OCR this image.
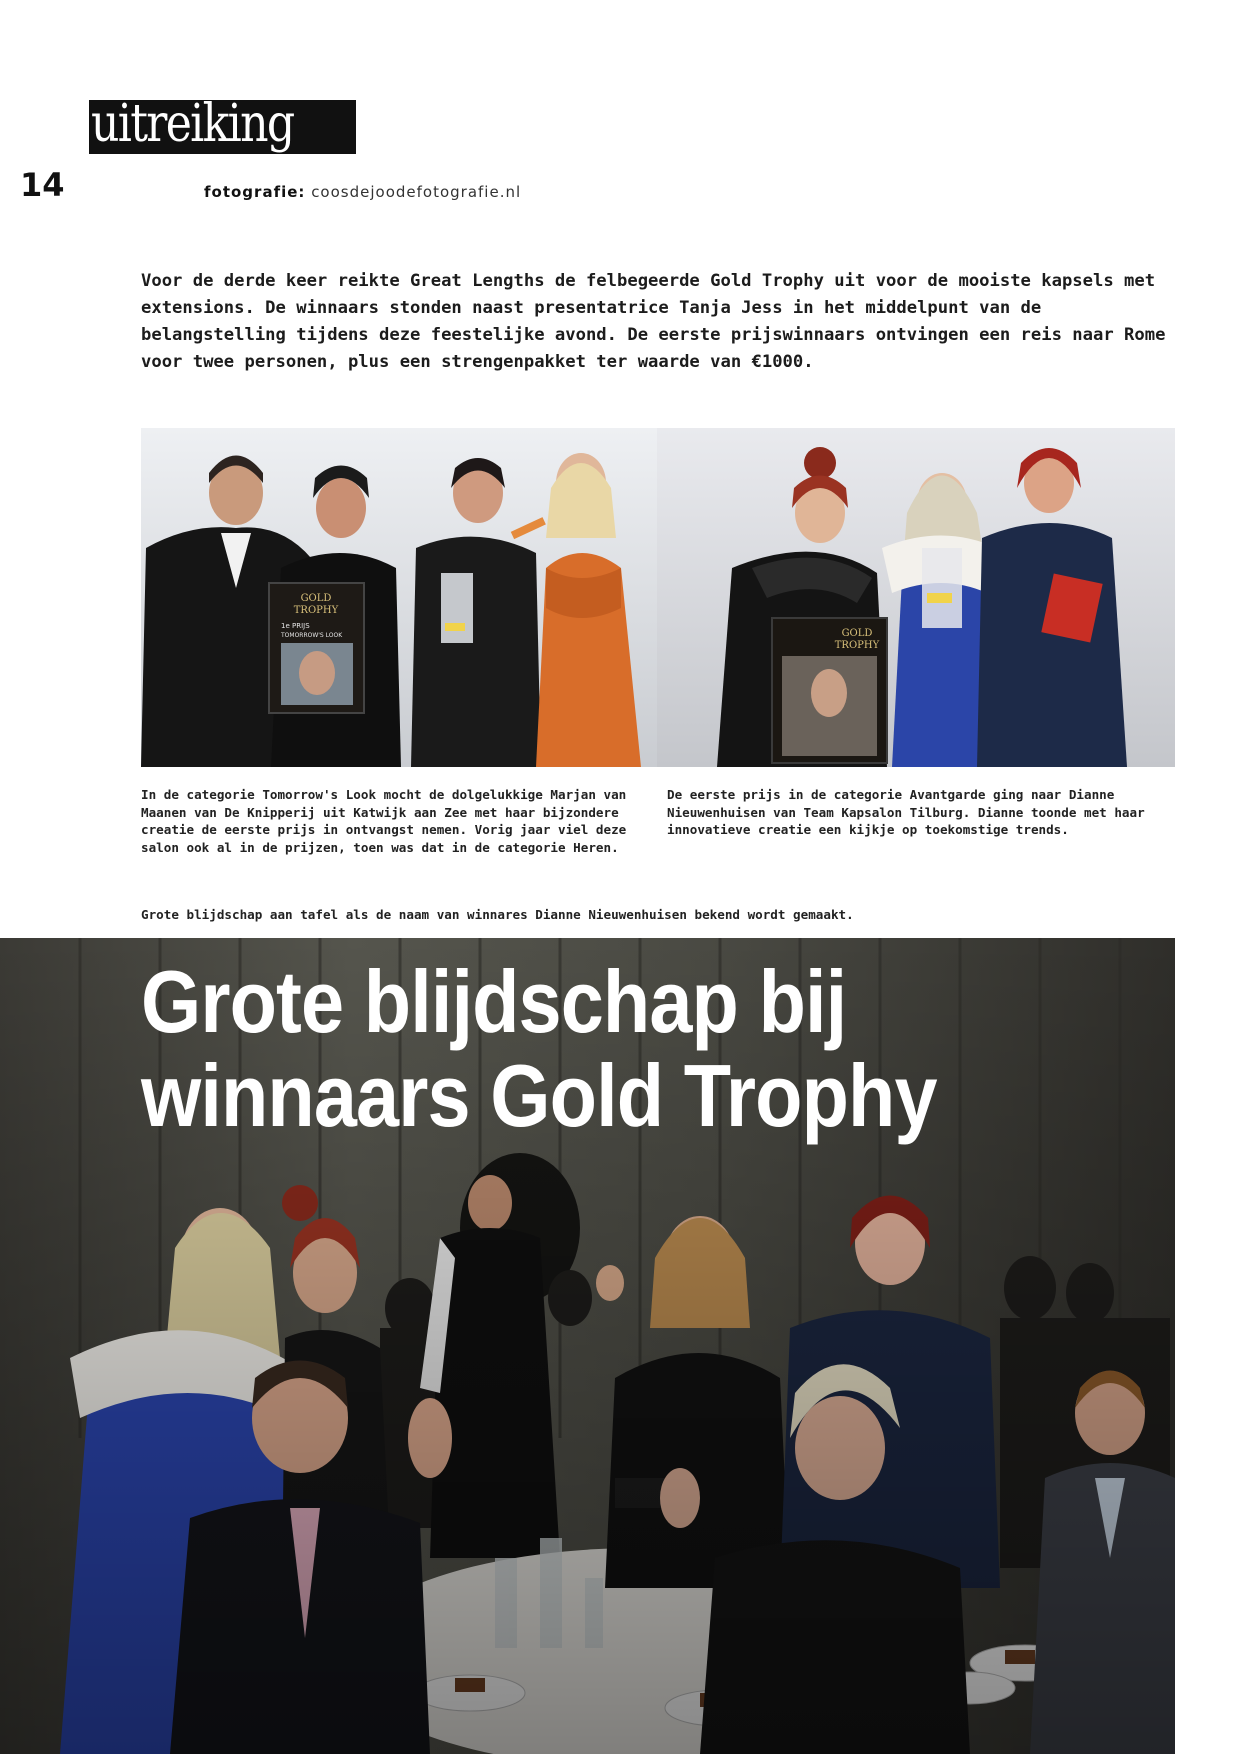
uitreiking
14	fotografie: coosdejoodefotografie.nl
Voor de derde keer reikte Great Lengths de felbegeerde Gold Trophy uit voor de mooiste kapsels met extensions. De winnaars stonden naast presentatrice Tanja Jess in het middelpunt van de belangstelling tijdens deze feestelijke avond. De eerste prijswinnaars ontvingen een reis naar Rome voor twee personen, plus een strengenpakket ter waarde van €1000.
GOLD
TROPHY
1e PRIJS
TOMORROW'S LOOK	GOLD
TROPHY
In de categorie Tomorrow's Look mocht de dolgelukkige Marjan van Maanen van De Knipperij uit Katwijk aan Zee met haar bijzondere creatie de eerste prijs in ontvangst nemen. Vorig jaar viel deze salon ook al in de prijzen, toen was dat in de categorie Heren.
De eerste prijs in de categorie Avantgarde ging naar Dianne Nieuwenhuisen van Team Kapsalon Tilburg. Dianne toonde met haar innovatieve creatie een kijkje op toekomstige trends.
Grote blijdschap aan tafel als de naam van winnares Dianne Nieuwenhuisen bekend wordt gemaakt.
Grote blijdschap bij
winnaars Gold Trophy
